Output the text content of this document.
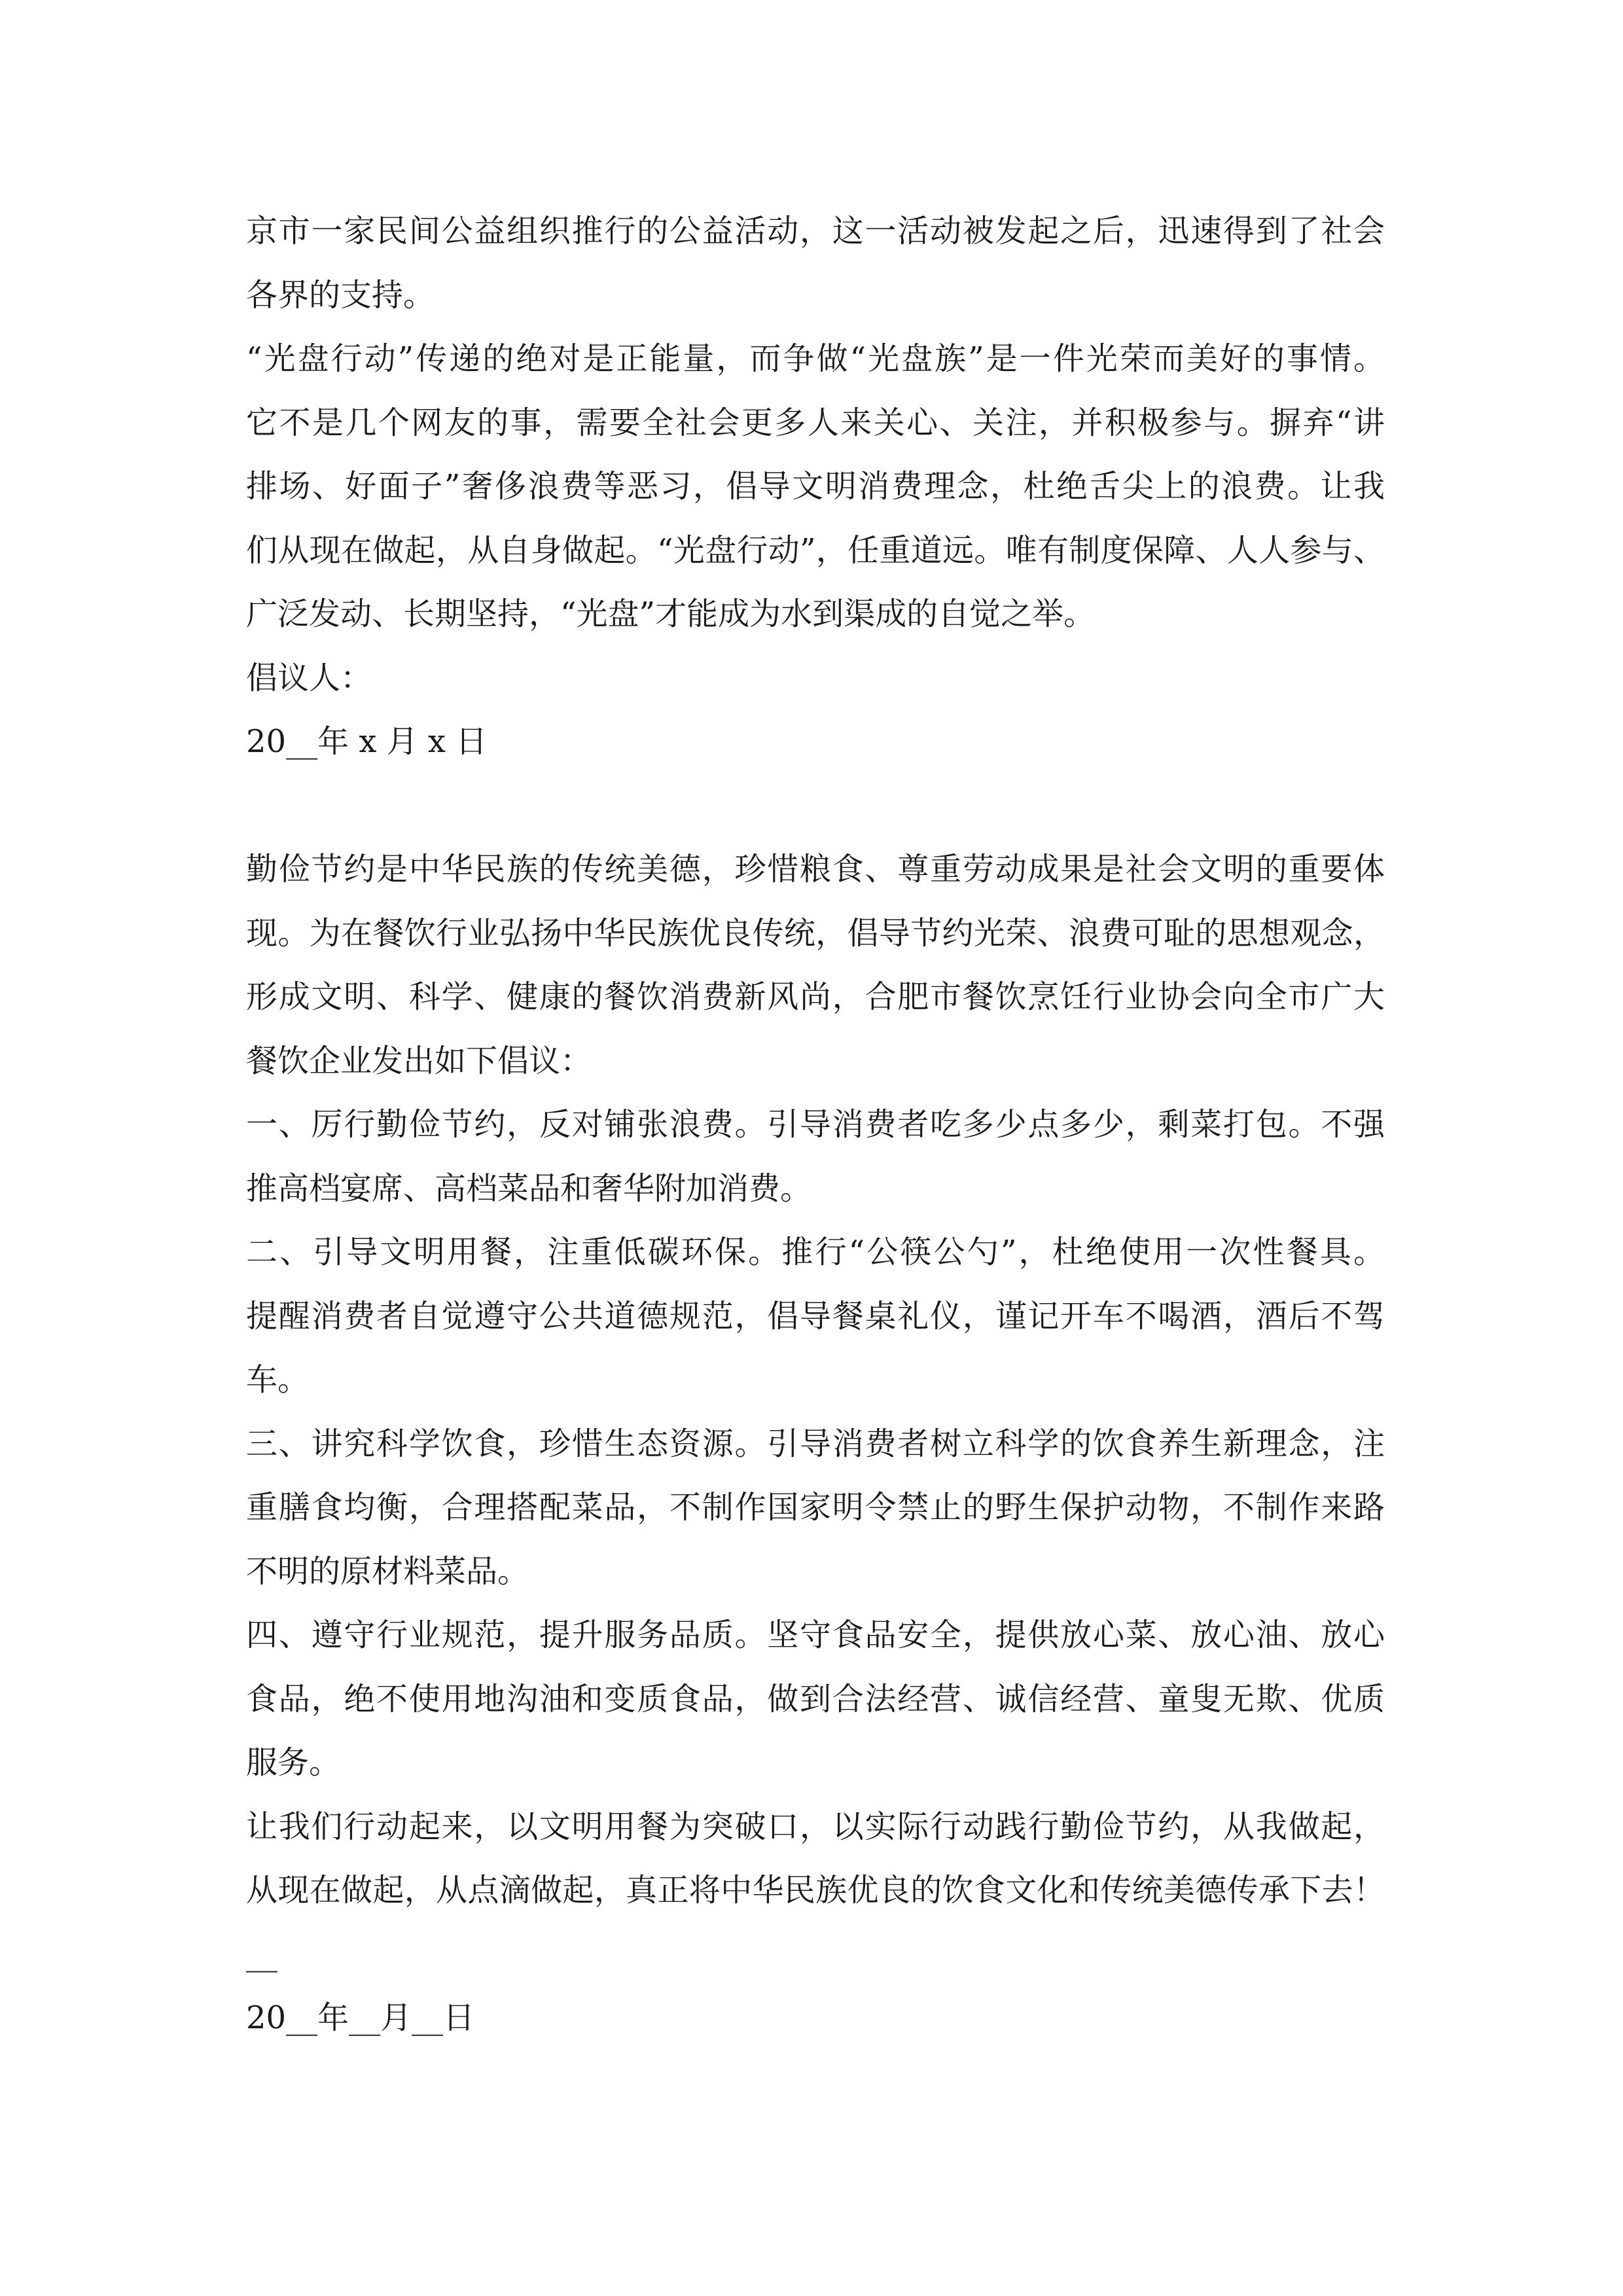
京市一家民间公益组织推行的公益活动，这一活动被发起之后，迅速得到了社会
各界的支持。
“光盘行动”传递的绝对是正能量，而争做“光盘族”是一件光荣而美好的事情。
它不是几个网友的事，需要全社会更多人来关心、关注，并积极参与。摒弃“讲
排场、好面子”奢侈浪费等恶习，倡导文明消费理念，杜绝舌尖上的浪费。让我
们从现在做起，从自身做起。“光盘行动”，任重道远。唯有制度保障、人人参与、
广泛发动、长期坚持，“光盘”才能成为水到渠成的自觉之举。
倡议人：
20__年 x 月 x 日
勤俭节约是中华民族的传统美德，珍惜粮食、尊重劳动成果是社会文明的重要体
现。为在餐饮行业弘扬中华民族优良传统，倡导节约光荣、浪费可耻的思想观念，
形成文明、科学、健康的餐饮消费新风尚，合肥市餐饮烹饪行业协会向全市广大
餐饮企业发出如下倡议：
一、厉行勤俭节约，反对铺张浪费。引导消费者吃多少点多少，剩菜打包。不强
推高档宴席、高档菜品和奢华附加消费。
二、引导文明用餐，注重低碳环保。推行“公筷公勺”，杜绝使用一次性餐具。
提醒消费者自觉遵守公共道德规范，倡导餐桌礼仪，谨记开车不喝酒，酒后不驾
车。
三、讲究科学饮食，珍惜生态资源。引导消费者树立科学的饮食养生新理念，注
重膳食均衡，合理搭配菜品，不制作国家明令禁止的野生保护动物，不制作来路
不明的原材料菜品。
四、遵守行业规范，提升服务品质。坚守食品安全，提供放心菜、放心油、放心
食品，绝不使用地沟油和变质食品，做到合法经营、诚信经营、童叟无欺、优质
服务。
让我们行动起来，以文明用餐为突破口，以实际行动践行勤俭节约，从我做起，
从现在做起，从点滴做起，真正将中华民族优良的饮食文化和传统美德传承下去！
__
20__年__月__日
